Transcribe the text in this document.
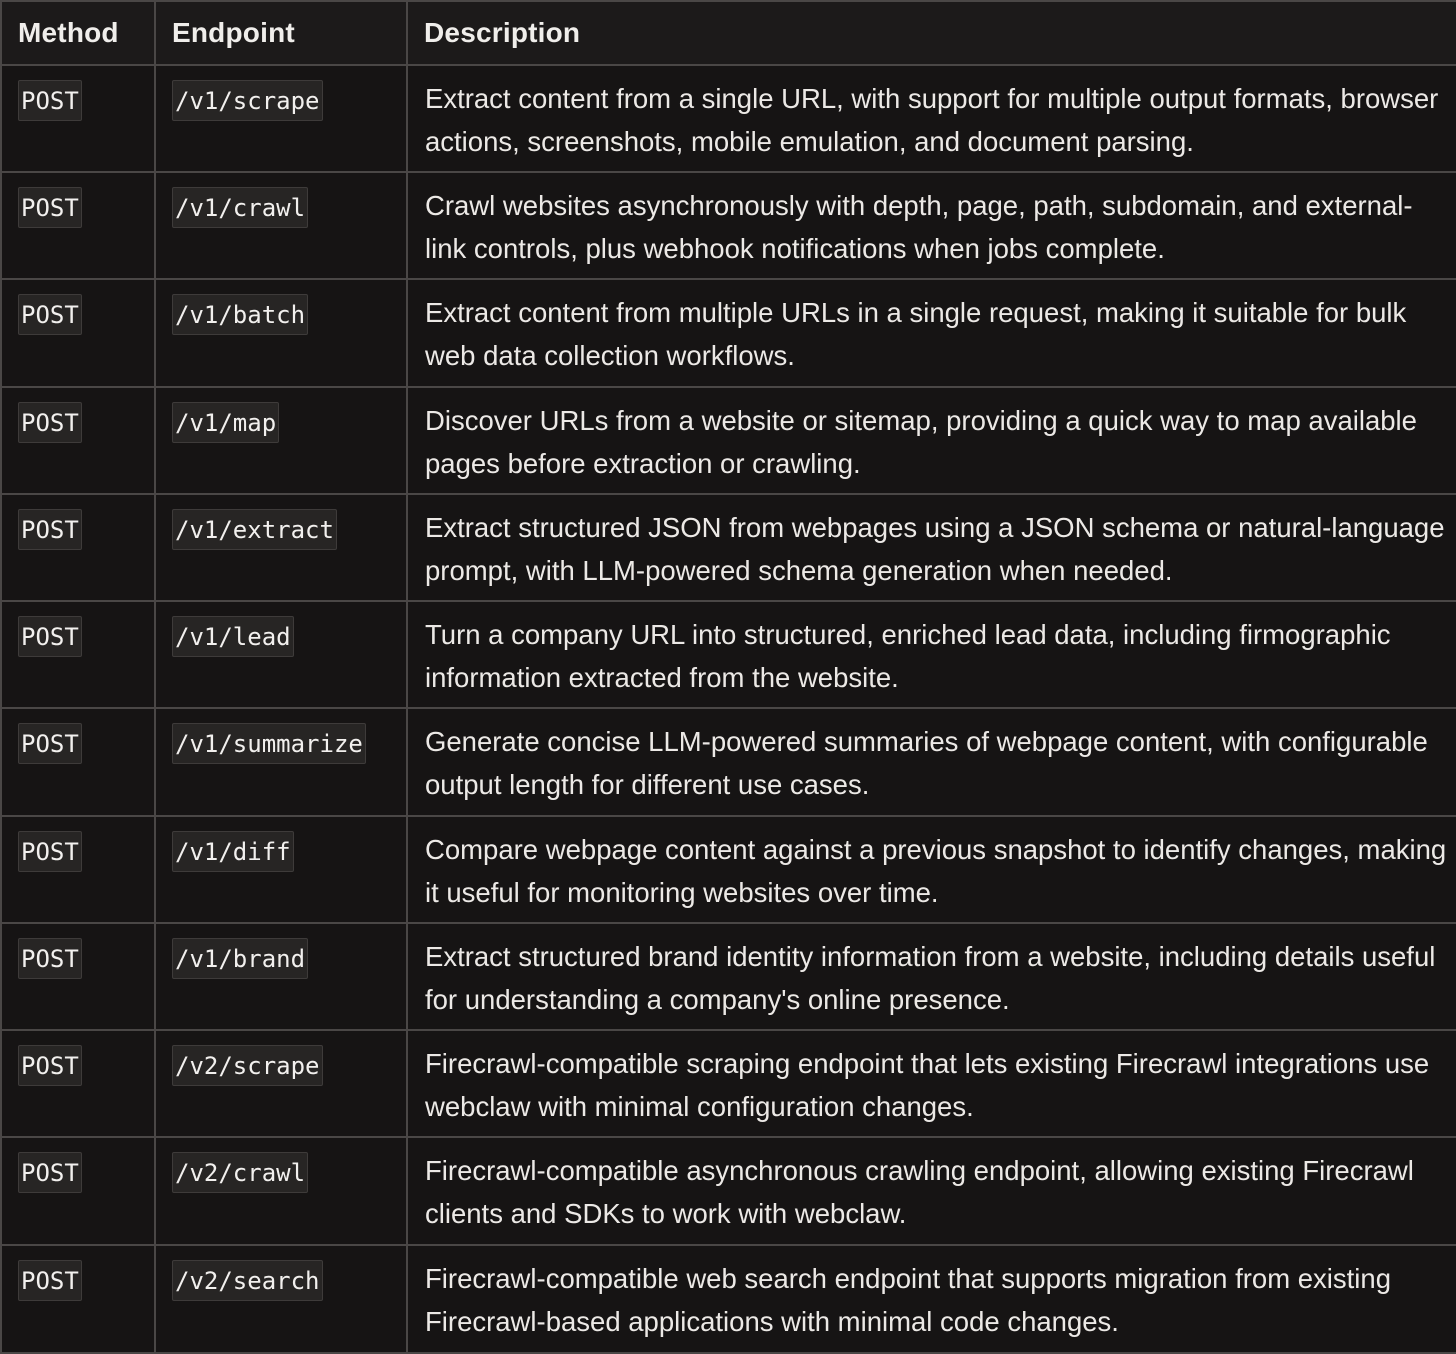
Method	Endpoint	Description
POST	/v1/scrape	Extract content from a single URL, with support for multiple output formats, browser actions, screenshots, mobile emulation, and document parsing.
POST	/v1/crawl	Crawl websites asynchronously with depth, page, path, subdomain, and external-link controls, plus webhook notifications when jobs complete.
POST	/v1/batch	Extract content from multiple URLs in a single request, making it suitable for bulk web data collection workflows.
POST	/v1/map	Discover URLs from a website or sitemap, providing a quick way to map available pages before extraction or crawling.
POST	/v1/extract	Extract structured JSON from webpages using a JSON schema or natural-language prompt, with LLM-powered schema generation when needed.
POST	/v1/lead	Turn a company URL into structured, enriched lead data, including firmographic information extracted from the website.
POST	/v1/summarize	Generate concise LLM-powered summaries of webpage content, with configurable output length for different use cases.
POST	/v1/diff	Compare webpage content against a previous snapshot to identify changes, making it useful for monitoring websites over time.
POST	/v1/brand	Extract structured brand identity information from a website, including details useful for understanding a company's online presence.
POST	/v2/scrape	Firecrawl-compatible scraping endpoint that lets existing Firecrawl integrations use webclaw with minimal configuration changes.
POST	/v2/crawl	Firecrawl-compatible asynchronous crawling endpoint, allowing existing Firecrawl clients and SDKs to work with webclaw.
POST	/v2/search	Firecrawl-compatible web search endpoint that supports migration from existing Firecrawl-based applications with minimal code changes.
